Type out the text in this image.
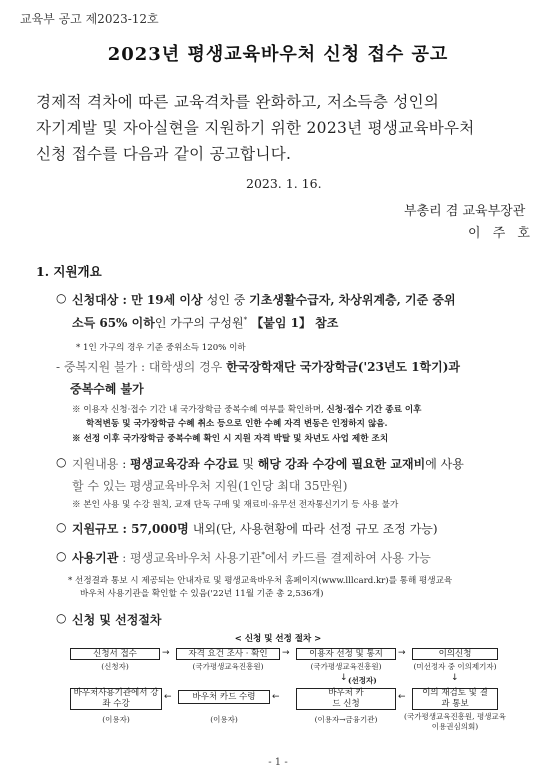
교육부 공고 제2023-12호
2023년 평생교육바우처 신청 접수 공고
경제적 격차에 따른 교육격차를 완화하고, 저소득층 성인의
자기계발 및 자아실현을 지원하기 위한 2023년 평생교육바우처
신청 접수를 다음과 같이 공고합니다.
2023. 1. 16.
부총리 겸 교육부장관
이 주 호
1. 지원개요
○ 신청대상 : 만 19세 이상 성인 중 기초생활수급자, 차상위계층, 기준 중위
소득 65% 이하인 가구의 구성원* 【붙임 1】 참조
* 1인 가구의 경우 기준 중위소득 120% 이하
- 중복지원 불가 : 대학생의 경우 한국장학재단 국가장학금('23년도 1학기)과
중복수혜 불가
※ 이용자 신청·접수 기간 내 국가장학금 중복수혜 여부를 확인하며, 신청·접수 기간 종료 이후
학적변동 및 국가장학금 수혜 취소 등으로 인한 수혜 자격 변동은 인정하지 않음.
※ 선정 이후 국가장학금 중복수혜 확인 시 지원 자격 박탈 및 차년도 사업 제한 조치
○ 지원내용 : 평생교육강좌 수강료 및 해당 강좌 수강에 필요한 교재비에 사용
할 수 있는 평생교육바우처 지원(1인당 최대 35만원)
※ 본인 사용 및 수강 원칙, 교재 단독 구매 및 재료비·유무선 전자통신기기 등 사용 불가
○ 지원규모 : 57,000명 내외(단, 사용현황에 따라 선정 규모 조정 가능)
○ 사용기관 : 평생교육바우처 사용기관*에서 카드를 결제하여 사용 가능
* 선정결과 통보 시 제공되는 안내자료 및 평생교육바우처 홈페이지(www.lllcard.kr)를 통해 평생교육
바우처 사용기관을 확인할 수 있음('22년 11월 기준 총 2,536개)
○ 신청 및 선정절차
< 신청 및 선정 절차 >
신청서 접수
(신청자)
→	자격 요건 조사 · 확인
(국가평생교육진흥원)
→	이용자 선정 및 통지
(국가평생교육진흥원)
→	이의신청
(미선정자 중 이의제기자)
↓ (선정자)	↓
바우처사용기관에서 강좌 수강
(이용자)
←	바우처 카드 수령
(이용자)
←	바우처 카드 신청
(이용자→금융기관)
←	이의 재검토 및 결과 통보
(국가평생교육진흥원, 평생교육이용권심의회)
- 1 -
